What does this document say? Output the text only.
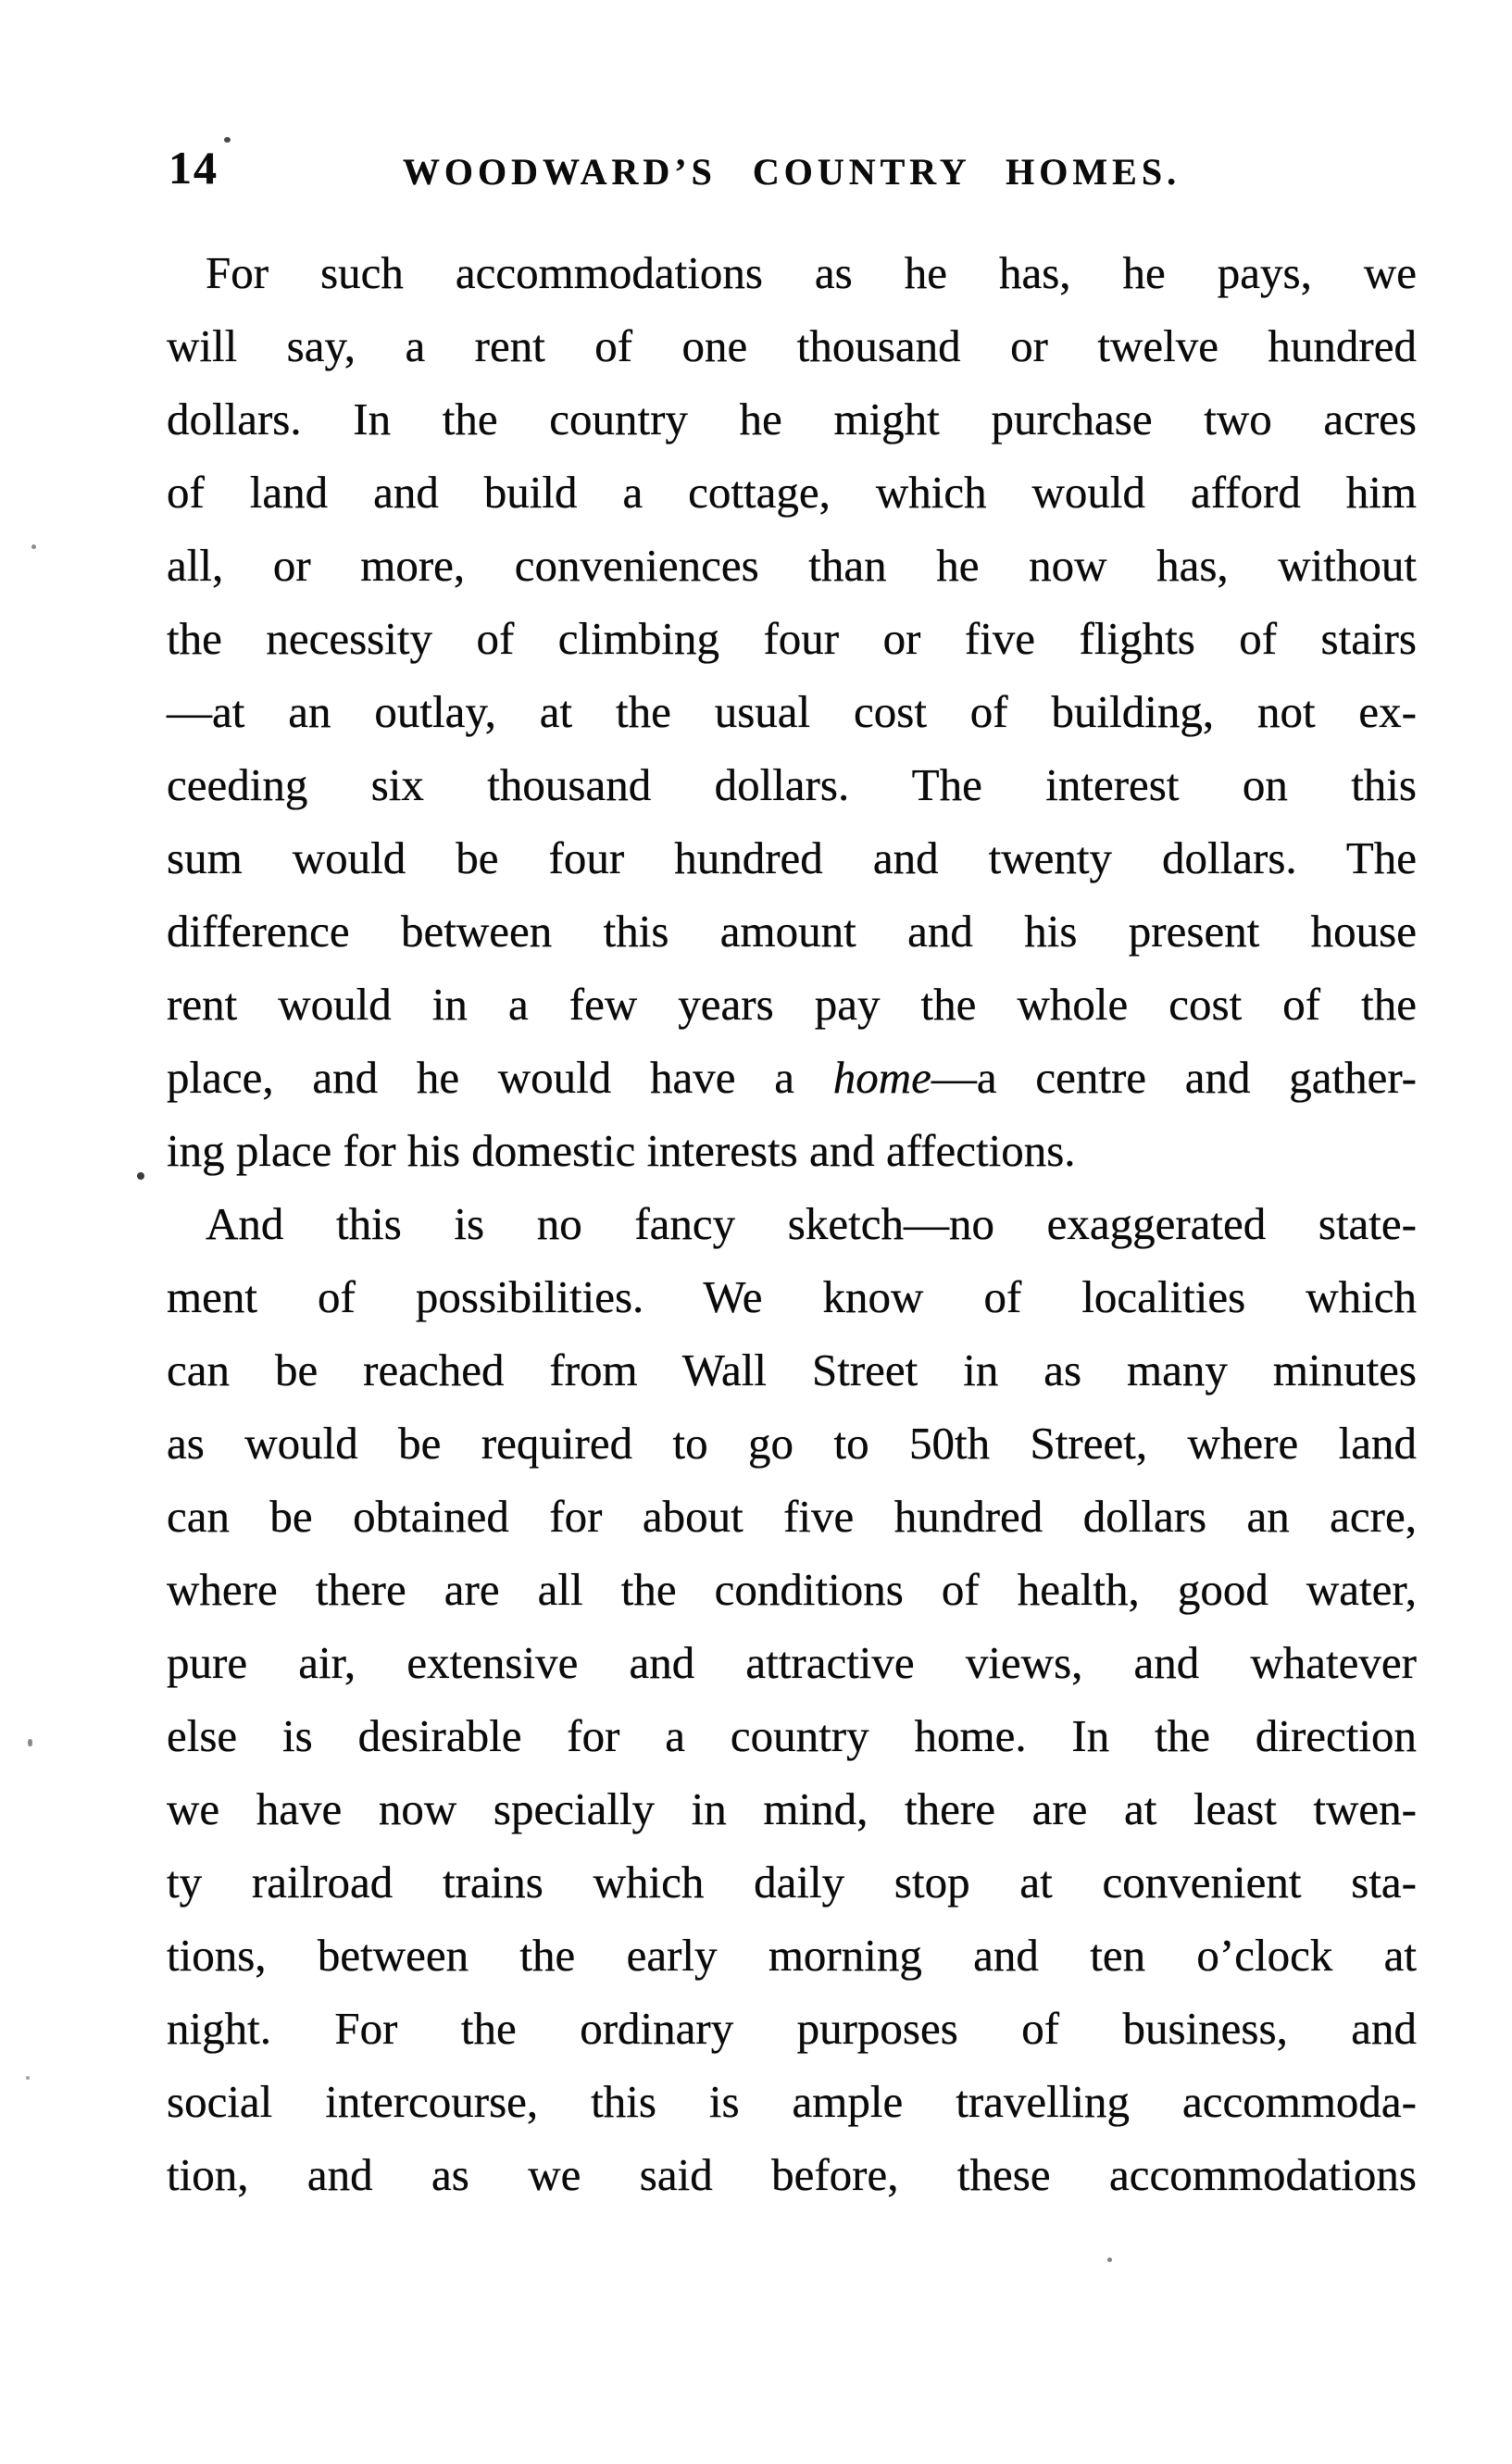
14	WOODWARD’S COUNTRY HOMES.
For such accommodations as he has, he pays, we
will say, a rent of one thousand or twelve hundred
dollars. In the country he might purchase two acres
of land and build a cottage, which would afford him
all, or more, conveniences than he now has, without
the necessity of climbing four or five flights of stairs
—at an outlay, at the usual cost of building, not ex-
ceeding six thousand dollars. The interest on this
sum would be four hundred and twenty dollars. The
difference between this amount and his present house
rent would in a few years pay the whole cost of the
place, and he would have a home—a centre and gather-
ing place for his domestic interests and affections.
And this is no fancy sketch—no exaggerated state-
ment of possibilities. We know of localities which
can be reached from Wall Street in as many minutes
as would be required to go to 50th Street, where land
can be obtained for about five hundred dollars an acre,
where there are all the conditions of health, good water,
pure air, extensive and attractive views, and whatever
else is desirable for a country home. In the direction
we have now specially in mind, there are at least twen-
ty railroad trains which daily stop at convenient sta-
tions, between the early morning and ten o’clock at
night. For the ordinary purposes of business, and
social intercourse, this is ample travelling accommoda-
tion, and as we said before, these accommodations
